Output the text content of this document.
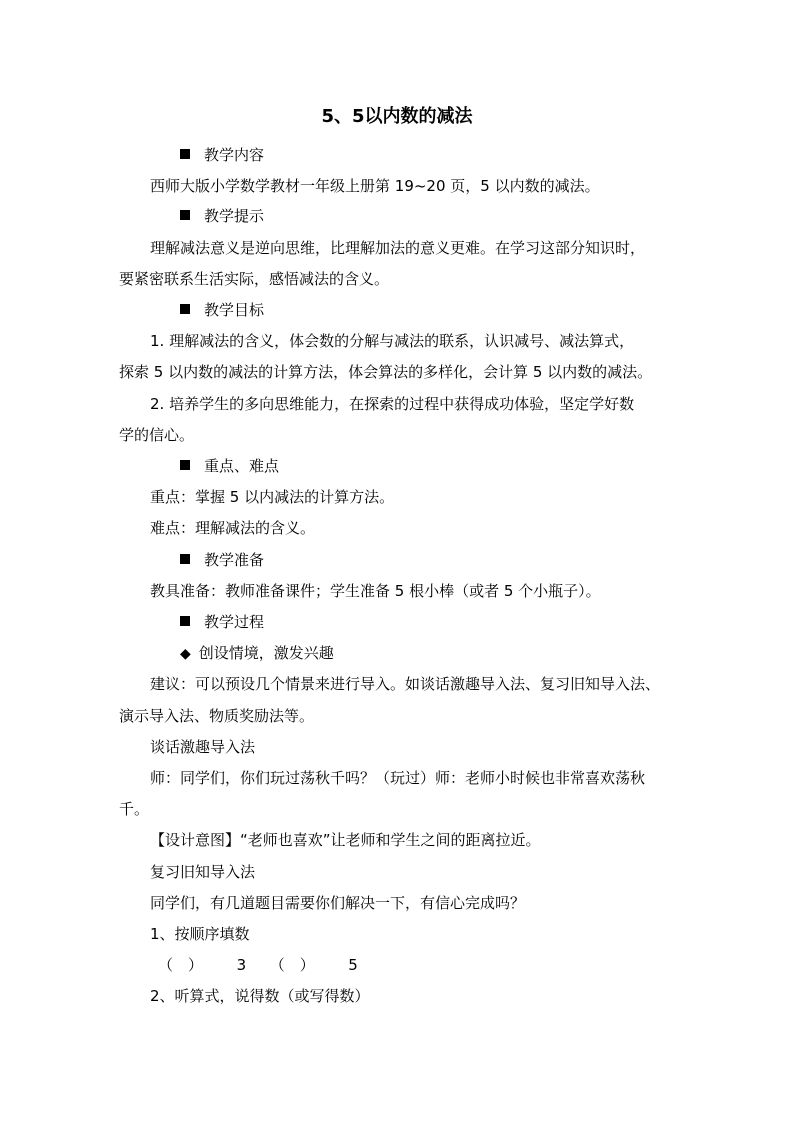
5、5以内数的减法
教学内容
西师大版小学数学教材一年级上册第 19~20 页，5 以内数的减法。
教学提示
理解减法意义是逆向思维，比理解加法的意义更难。在学习这部分知识时，
要紧密联系生活实际，感悟减法的含义。
教学目标
1. 理解减法的含义，体会数的分解与减法的联系，认识减号、减法算式，
探索 5 以内数的减法的计算方法，体会算法的多样化，会计算 5 以内数的减法。
2. 培养学生的多向思维能力，在探索的过程中获得成功体验，坚定学好数
学的信心。
重点、难点
重点：掌握 5 以内减法的计算方法。
难点：理解减法的含义。
教学准备
教具准备：教师准备课件；学生准备 5 根小棒（或者 5 个小瓶子）。
教学过程
◆ 创设情境，激发兴趣
建议：可以预设几个情景来进行导入。如谈话激趣导入法、复习旧知导入法、
演示导入法、物质奖励法等。
谈话激趣导入法
师：同学们，你们玩过荡秋千吗？（玩过）师：老师小时候也非常喜欢荡秋
千。
【设计意图】“老师也喜欢”让老师和学生之间的距离拉近。
复习旧知导入法
同学们，有几道题目需要你们解决一下，有信心完成吗？
1、按顺序填数
（　） 3 （　） 5
2、听算式，说得数（或写得数）
